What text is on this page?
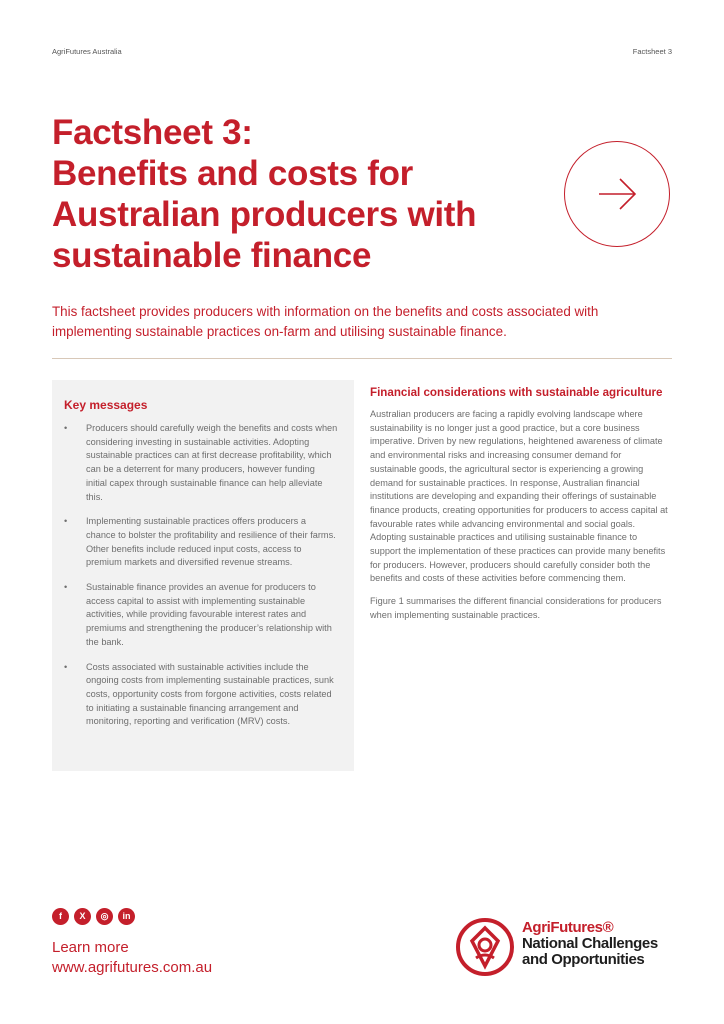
AgriFutures Australia	Factsheet 3
Factsheet 3:
Benefits and costs for Australian producers with sustainable finance

This factsheet provides producers with information on the benefits and costs associated with implementing sustainable practices on-farm and utilising sustainable finance.

Key messages
• Producers should carefully weigh the benefits and costs when considering investing in sustainable activities. Adopting sustainable practices can at first decrease profitability, which can be a deterrent for many producers, however funding initial capex through sustainable finance can help alleviate this.
• Implementing sustainable practices offers producers a chance to bolster the profitability and resilience of their farms. Other benefits include reduced input costs, access to premium markets and diversified revenue streams.
• Sustainable finance provides an avenue for producers to access capital to assist with implementing sustainable activities, while providing favourable interest rates and premiums and strengthening the producer’s relationship with the bank.
• Costs associated with sustainable activities include the ongoing costs from implementing sustainable practices, sunk costs, opportunity costs from forgone activities, costs related to initiating a sustainable financing arrangement and monitoring, reporting and verification (MRV) costs.
Financial considerations with sustainable agriculture

Australian producers are facing a rapidly evolving landscape where sustainability is no longer just a good practice, but a core business imperative. Driven by new regulations, heightened awareness of climate and environmental risks and increasing consumer demand for sustainable goods, the agricultural sector is experiencing a growing demand for sustainable practices. In response, Australian financial institutions are developing and expanding their offerings of sustainable finance products, creating opportunities for producers to access capital at favourable rates while advancing environmental and social goals. Adopting sustainable practices and utilising sustainable finance to support the implementation of these practices can provide many benefits for producers. However, producers should carefully consider both the benefits and costs of these activities before commencing them.

Figure 1 summarises the different financial considerations for producers when implementing sustainable practices.

f	X	◎	in
Learn more
www.agrifutures.com.au
AgriFutures®
National Challenges
and Opportunities
